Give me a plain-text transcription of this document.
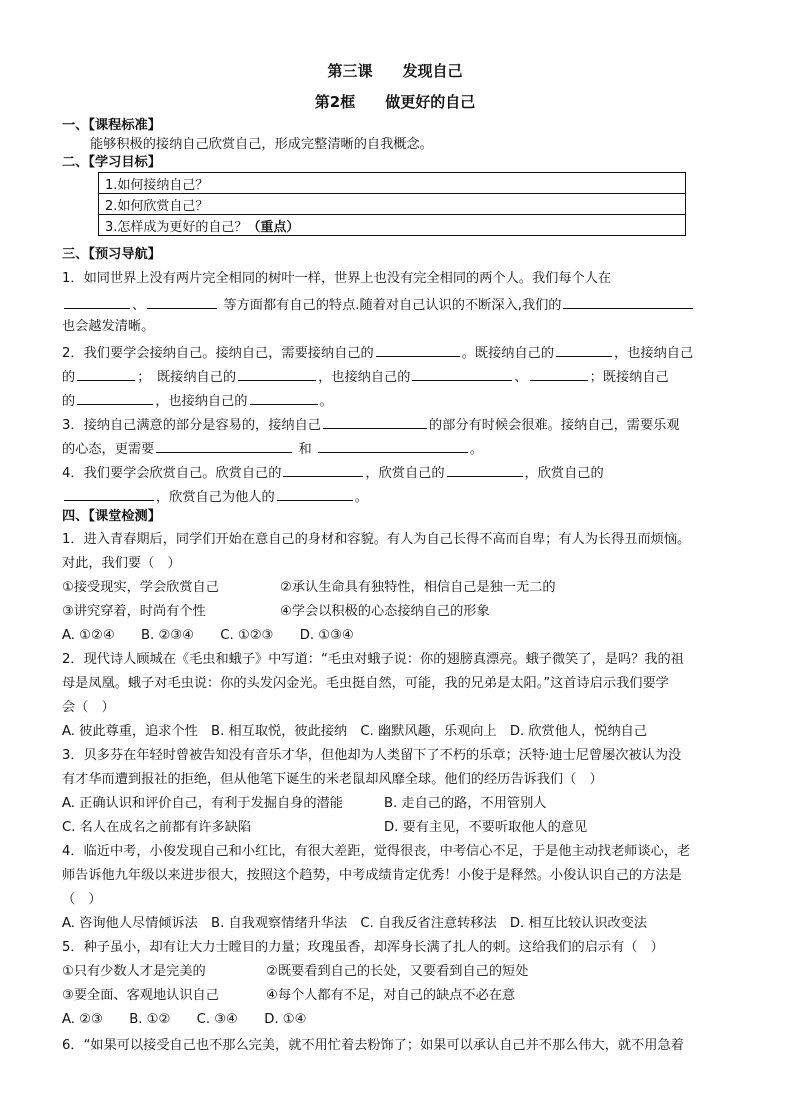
第三课　　发现自己
第2框　　做更好的自己
一、【课程标准】
能够积极的接纳自己欣赏自己，形成完整清晰的自我概念。
二、【学习目标】
1.如何接纳自己？
2.如何欣赏自己？
3.怎样成为更好的自己？（重点）
三、【预习导航】
1．如同世界上没有两片完全相同的树叶一样，世界上也没有完全相同的两个人。我们每个人在
、	等方面都有自己的特点.随着对自己认识的不断深入,我们的
也会越发清晰。
2．我们要学会接纳自己。接纳自己，需要接纳自己的	。既接纳自己的	，也接纳自己
的	；　既接纳自己的	，也接纳自己的	、	；既接纳自己
的	，也接纳自己的	。
3．接纳自己满意的部分是容易的，接纳自己	的部分有时候会很难。接纳自己，需要乐观
的心态，更需要	和	。
4．我们要学会欣赏自己。欣赏自己的	，欣赏自己的	，欣赏自己的
，欣赏自己为他人的	。
四、【课堂检测】
1．进入青春期后，同学们开始在意自己的身材和容貌。有人为自己长得不高而自卑；有人为长得丑而烦恼。
对此，我们要（　）
①接受现实，学会欣赏自己	②承认生命具有独特性，相信自己是独一无二的
③讲究穿着，时尚有个性	④学会以积极的心态接纳自己的形象
A. ①②④　　B. ②③④　　C. ①②③　　D. ①③④
2．现代诗人顾城在《毛虫和蛾子》中写道：“毛虫对蛾子说：你的翅膀真漂亮。蛾子微笑了，是吗？我的祖
母是凤凰。蛾子对毛虫说：你的头发闪金光。毛虫挺自然，可能，我的兄弟是太阳。”这首诗启示我们要学
会（　）
A. 彼此尊重，追求个性　B. 相互取悦，彼此接纳　C. 幽默风趣，乐观向上　D. 欣赏他人，悦纳自己
3．贝多芬在年轻时曾被告知没有音乐才华，但他却为人类留下了不朽的乐章；沃特·迪士尼曾屡次被认为没
有才华而遭到报社的拒绝，但从他笔下诞生的米老鼠却风靡全球。他们的经历告诉我们（　）
A. 正确认识和评价自己，有利于发掘自身的潜能	B. 走自己的路，不用管别人
C. 名人在成名之前都有许多缺陷	D. 要有主见，不要听取他人的意见
4．临近中考，小俊发现自己和小红比，有很大差距，觉得很丧，中考信心不足，于是他主动找老师谈心，老
师告诉他九年级以来进步很大，按照这个趋势，中考成绩肯定优秀！小俊于是释然。小俊认识自己的方法是
（　）
A. 咨询他人尽情倾诉法　B. 自我观察情绪升华法　C. 自我反省注意转移法　D. 相互比较认识改变法
5．种子虽小，却有让大力士瞠目的力量；玫瑰虽香，却浑身长满了扎人的刺。这给我们的启示有（　）
①只有少数人才是完美的	②既要看到自己的长处，又要看到自己的短处
③要全面、客观地认识自己	④每个人都有不足，对自己的缺点不必在意
A. ②③　　B. ①②　　C. ③④　　D. ①④
6．“如果可以接受自己也不那么完美，就不用忙着去粉饰了；如果可以承认自己并不那么伟大，就不用急着
